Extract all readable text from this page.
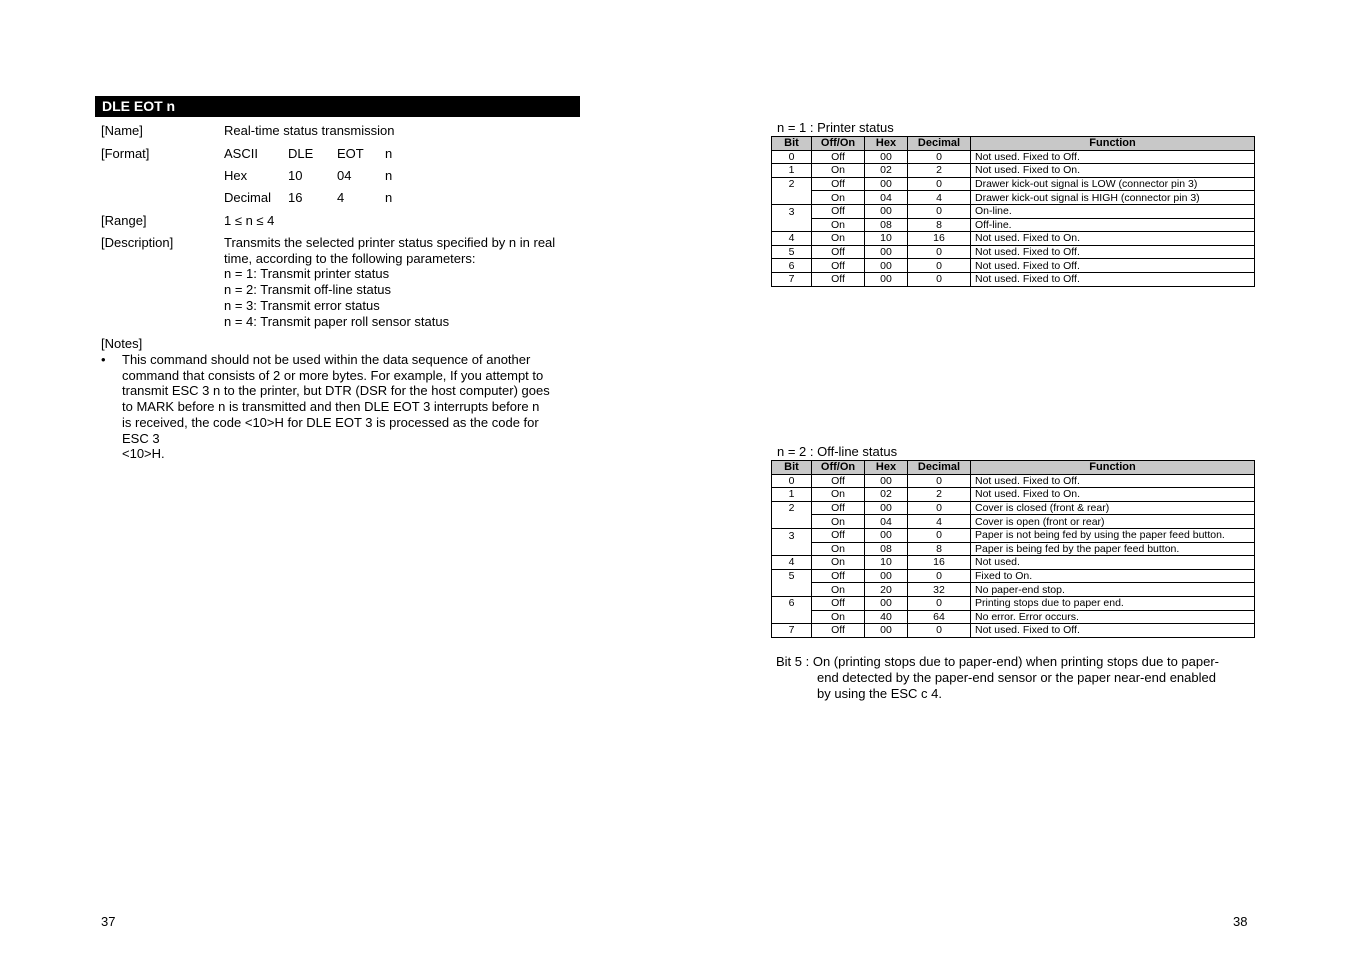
DLE EOT n
[Name]	Real-time status transmission
[Format]	ASCII DLE EOT n
Hex	10	04	n
Decimal 16	4	n
[Range]	1 ≤ n ≤ 4
[Description]	Transmits the selected printer status specified by n in real
time, according to the following parameters:
n = 1: Transmit printer status
n = 2: Transmit off-line status
n = 3: Transmit error status
n = 4: Transmit paper roll sensor status
[Notes]
• This command should not be used within the data sequence of another
command that consists of 2 or more bytes. For example, If you attempt to
transmit ESC 3 n to the printer, but DTR (DSR for the host computer) goes
to MARK before n is transmitted and then DLE EOT 3 interrupts before n
is received, the code <10>H for DLE EOT 3 is processed as the code for
ESC 3
<10>H.
37
n = 1 : Printer status
Bit	Off/On	Hex	Decimal	Function
0	Off	00	0	Not used. Fixed to Off.
1	On	02	2	Not used. Fixed to On.
2	Off	00	0	Drawer kick-out signal is LOW (connector pin 3)
	On	04	4	Drawer kick-out signal is HIGH (connector pin 3)
3	Off	00	0	On-line.
	On	08	8	Off-line.
4	On	10	16	Not used. Fixed to On.
5	Off	00	0	Not used. Fixed to Off.
6	Off	00	0	Not used. Fixed to Off.
7	Off	00	0	Not used. Fixed to Off.
n = 2 : Off-line status
Bit	Off/On	Hex	Decimal	Function
0	Off	00	0	Not used. Fixed to Off.
1	On	02	2	Not used. Fixed to On.
2	Off	00	0	Cover is closed (front & rear)
	On	04	4	Cover is open (front or rear)
3	Off	00	0	Paper is not being fed by using the paper feed button.
	On	08	8	Paper is being fed by the paper feed button.
4	On	10	16	Not used.
5	Off	00	0	Fixed to On.
	On	20	32	No paper-end stop.
6	Off	00	0	Printing stops due to paper end.
	On	40	64	No error. Error occurs.
7	Off	00	0	Not used. Fixed to Off.
Bit 5 : On (printing stops due to paper-end) when printing stops due to paper-
end detected by the paper-end sensor or the paper near-end enabled
by using the ESC c 4.
38
